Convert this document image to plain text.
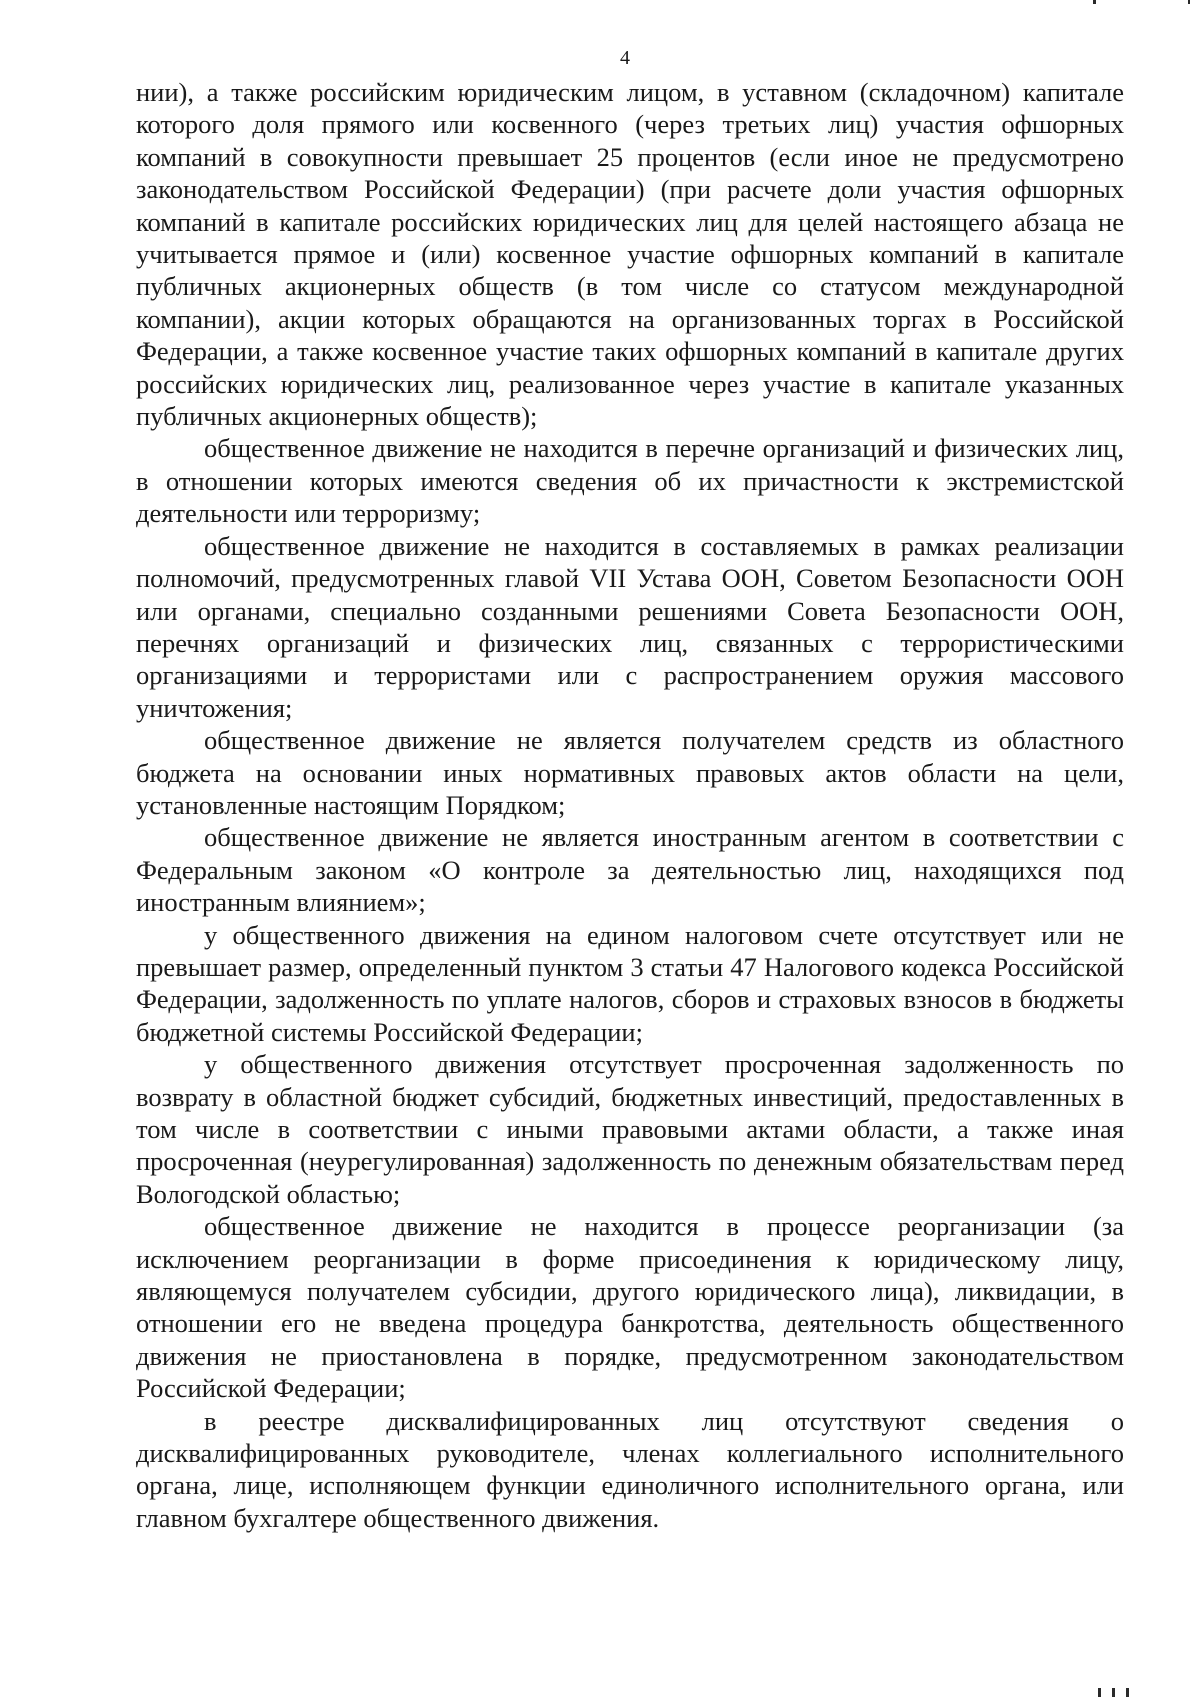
4

нии), а также российским юридическим лицом, в уставном (складочном) капитале которого доля прямого или косвенного (через третьих лиц) участия офшорных компаний в совокупности превышает 25 процентов (если иное не предусмотрено законодательством Российской Федерации) (при расчете доли участия офшорных компаний в капитале российских юридических лиц для целей настоящего абзаца не учитывается прямое и (или) косвенное участие офшорных компаний в капитале публичных акционерных обществ (в том числе со статусом международной компании), акции которых обращаются на организованных торгах в Российской Федерации, а также косвенное участие таких офшорных компаний в капитале других российских юридических лиц, реализованное через участие в капитале указанных публичных акционерных обществ);

общественное движение не находится в перечне организаций и физических лиц, в отношении которых имеются сведения об их причастности к экстремистской деятельности или терроризму;

общественное движение не находится в составляемых в рамках реализации полномочий, предусмотренных главой VII Устава ООН, Советом Безопасности ООН или органами, специально созданными решениями Совета Безопасности ООН, перечнях организаций и физических лиц, связанных с террористическими организациями и террористами или с распространением оружия массового уничтожения;

общественное движение не является получателем средств из областного бюджета на основании иных нормативных правовых актов области на цели, установленные настоящим Порядком;

общественное движение не является иностранным агентом в соответствии с Федеральным законом «О контроле за деятельностью лиц, находящихся под иностранным влиянием»;

у общественного движения на едином налоговом счете отсутствует или не превышает размер, определенный пунктом 3 статьи 47 Налогового кодекса Российской Федерации, задолженность по уплате налогов, сборов и страховых взносов в бюджеты бюджетной системы Российской Федерации;

у общественного движения отсутствует просроченная задолженность по возврату в областной бюджет субсидий, бюджетных инвестиций, предоставленных в том числе в соответствии с иными правовыми актами области, а также иная просроченная (неурегулированная) задолженность по денежным обязательствам перед Вологодской областью;

общественное движение не находится в процессе реорганизации (за исключением реорганизации в форме присоединения к юридическому лицу, являющемуся получателем субсидии, другого юридического лица), ликвидации, в отношении его не введена процедура банкротства, деятельность общественного движения не приостановлена в порядке, предусмотренном законодательством Российской Федерации;

в реестре дисквалифицированных лиц отсутствуют сведения о дисквалифицированных руководителе, членах коллегиального исполнительного органа, лице, исполняющем функции единоличного исполнительного органа, или главном бухгалтере общественного движения.
